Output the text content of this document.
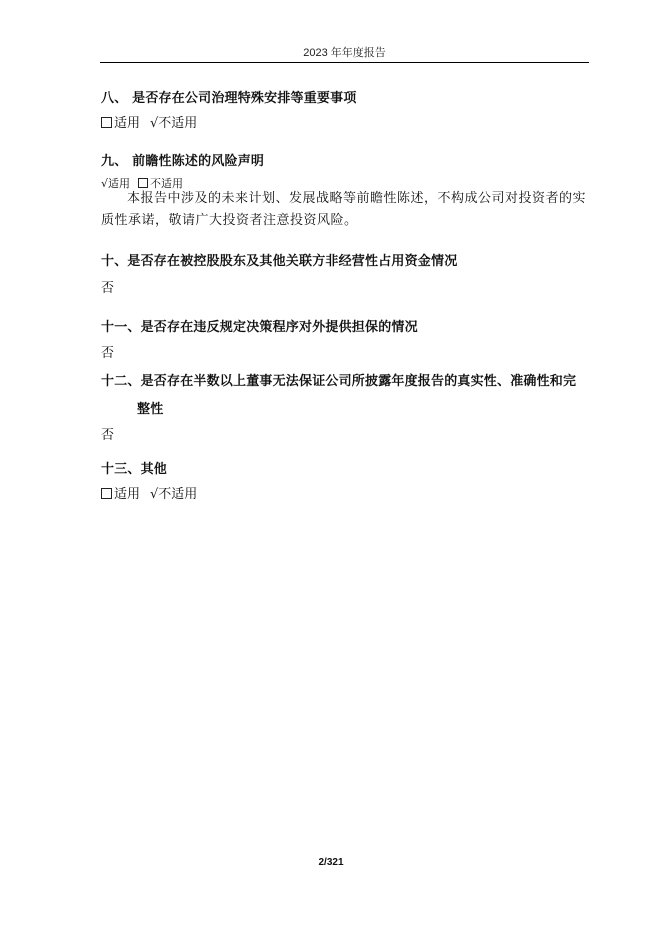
2023 年年度报告
八、 是否存在公司治理特殊安排等重要事项
适用 √不适用
九、 前瞻性陈述的风险声明
√适用 不适用
本报告中涉及的未来计划、发展战略等前瞻性陈述，不构成公司对投资者的实质性承诺，敬请广大投资者注意投资风险。
十、是否存在被控股股东及其他关联方非经营性占用资金情况
否
十一、是否存在违反规定决策程序对外提供担保的情况
否
十二、是否存在半数以上董事无法保证公司所披露年度报告的真实性、准确性和完
整性
否
十三、其他
适用 √不适用
2/321
